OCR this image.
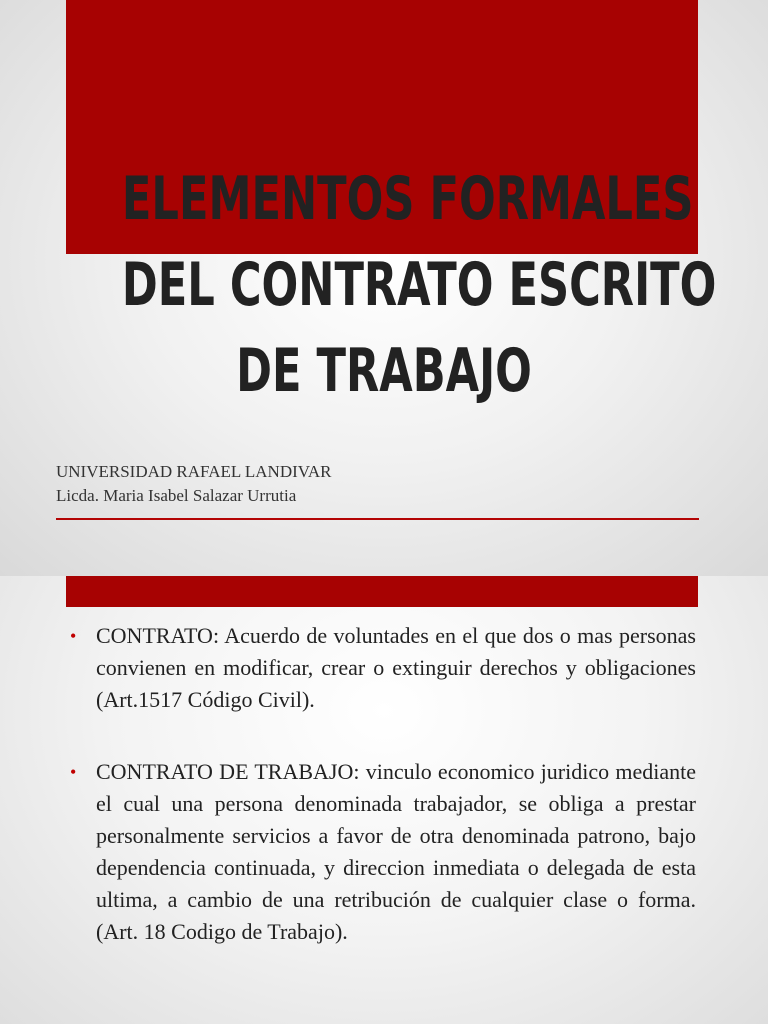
ELEMENTOS FORMALES
DEL CONTRATO ESCRITO
DE TRABAJO
UNIVERSIDAD RAFAEL LANDIVAR
Licda. Maria Isabel Salazar Urrutia
• CONTRATO: Acuerdo de voluntades en el que dos o mas personas convienen en modificar, crear o extinguir derechos y obligaciones (Art.1517 Código Civil).
• CONTRATO DE TRABAJO: vinculo economico juridico mediante el cual una persona denominada trabajador, se obliga a prestar personalmente servicios a favor de otra denominada patrono, bajo dependencia continuada, y direccion inmediata o delegada de esta ultima, a cambio de una retribución de cualquier clase o forma. (Art. 18 Codigo de Trabajo).
